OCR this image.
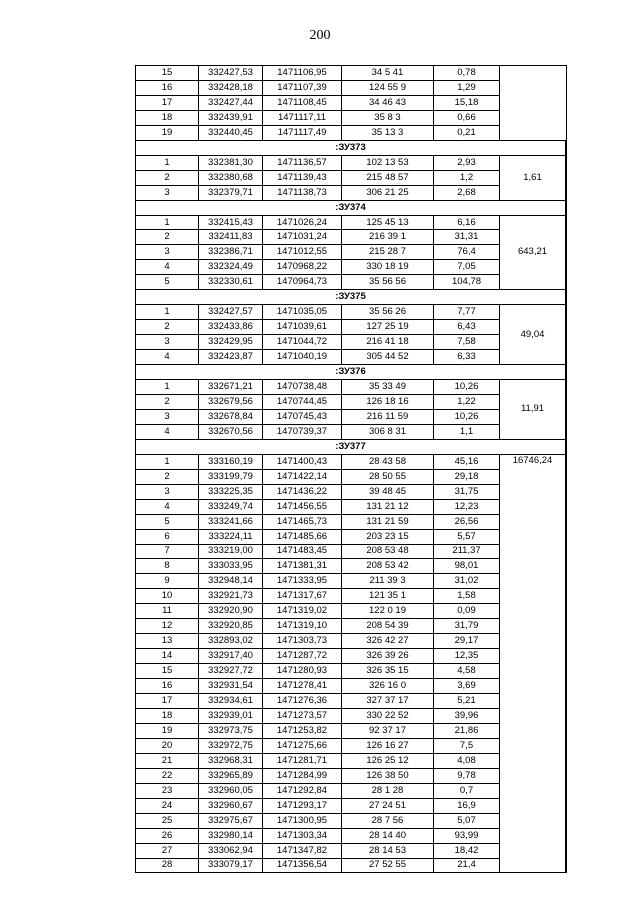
200
15	332427,53	1471106,95	34 5 41	0,78	
16	332428,18	1471107,39	124 55 9	1,29	
17	332427,44	1471108,45	34 46 43	15,18	
18	332439,91	1471117,11	35 8 3	0,66	
19	332440,45	1471117,49	35 13 3	0,21	
:ЗУ373					
1	332381,30	1471136,57	102 13 53	2,93	1,61
2	332380,68	1471139,43	215 48 57	1,2	
3	332379,71	1471138,73	306 21 25	2,68	
:ЗУ374					
1	332415,43	1471026,24	125 45 13	6,16	643,21
2	332411,83	1471031,24	216 39 1	31,31	
3	332386,71	1471012,55	215 28 7	76,4	
4	332324,49	1470968,22	330 18 19	7,05	
5	332330,61	1470964,73	35 56 56	104,78	
:ЗУ375					
1	332427,57	1471035,05	35 56 26	7,77	49,04
2	332433,86	1471039,61	127 25 19	6,43	
3	332429,95	1471044,72	216 41 18	7,58	
4	332423,87	1471040,19	305 44 52	6,33	
:ЗУ376					
1	332671,21	1470738,48	35 33 49	10,26	11,91
2	332679,56	1470744,45	126 18 16	1,22	
3	332678,84	1470745,43	216 11 59	10,26	
4	332670,56	1470739,37	306 8 31	1,1	
:ЗУ377					
1	333160,19	1471400,43	28 43 58	45,16	16746,24
2	333199,79	1471422,14	28 50 55	29,18	
3	333225,35	1471436,22	39 48 45	31,75	
4	333249,74	1471456,55	131 21 12	12,23	
5	333241,66	1471465,73	131 21 59	26,56	
6	333224,11	1471485,66	203 23 15	5,57	
7	333219,00	1471483,45	208 53 48	211,37	
8	333033,95	1471381,31	208 53 42	98,01	
9	332948,14	1471333,95	211 39 3	31,02	
10	332921,73	1471317,67	121 35 1	1,58	
11	332920,90	1471319,02	122 0 19	0,09	
12	332920,85	1471319,10	208 54 39	31,79	
13	332893,02	1471303,73	326 42 27	29,17	
14	332917,40	1471287,72	326 39 26	12,35	
15	332927,72	1471280,93	326 35 15	4,58	
16	332931,54	1471278,41	326 16 0	3,69	
17	332934,61	1471276,36	327 37 17	5,21	
18	332939,01	1471273,57	330 22 52	39,96	
19	332973,75	1471253,82	92 37 17	21,86	
20	332972,75	1471275,66	126 16 27	7,5	
21	332968,31	1471281,71	126 25 12	4,08	
22	332965,89	1471284,99	126 38 50	9,78	
23	332960,05	1471292,84	28 1 28	0,7	
24	332960,67	1471293,17	27 24 51	16,9	
25	332975,67	1471300,95	28 7 56	5,07	
26	332980,14	1471303,34	28 14 40	93,99	
27	333062,94	1471347,82	28 14 53	18,42	
28	333079,17	1471356,54	27 52 55	21,4	
